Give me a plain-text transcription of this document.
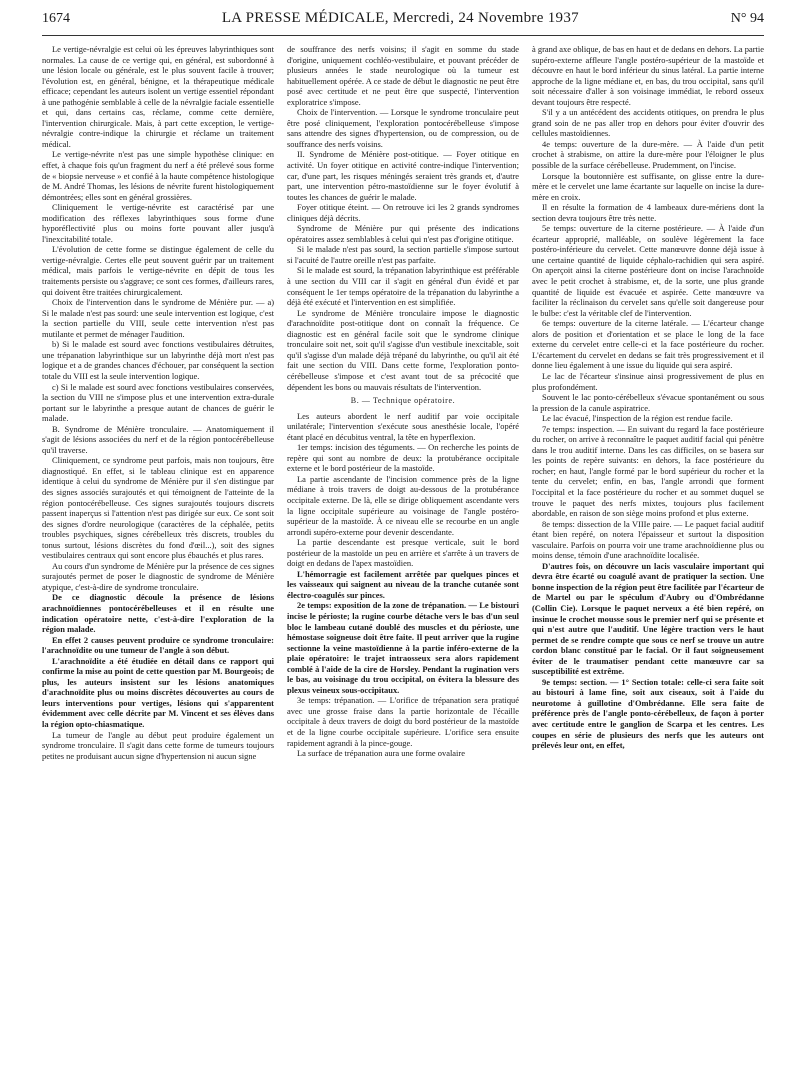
1674	LA PRESSE MÉDICALE, Mercredi, 24 Novembre 1937	N° 94

Le vertige-névralgie est celui où les épreuves labyrinthiques sont normales. La cause de ce vertige qui, en général, est subordonné à une lésion locale ou générale, est le plus souvent facile à trouver; l'évolution est, en général, bénigne, et la thérapeutique médicale efficace; cependant les auteurs isolent un vertige essentiel répondant à une pathogénie semblable à celle de la névralgie faciale essentielle et qui, dans certains cas, réclame, comme cette dernière, l'intervention chirurgicale. Mais, à part cette exception, le vertige-névralgie contre-indique la chirurgie et réclame un traitement médical.

Le vertige-névrite n'est pas une simple hypothèse clinique: en effet, à chaque fois qu'un fragment du nerf a été prélevé sous forme de « biopsie nerveuse » et confié à la haute compétence histologique de M. André Thomas, les lésions de névrite furent histologiquement démontrées; elles sont en général grossières.

Cliniquement le vertige-névrite est caractérisé par une modification des réflexes labyrinthiques sous forme d'une hyporéflectivité plus ou moins forte pouvant aller jusqu'à l'inexcitabilité totale.

L'évolution de cette forme se distingue également de celle du vertige-névralgie. Certes elle peut souvent guérir par un traitement médical, mais parfois le vertige-névrite en dépit de tous les traitements persiste ou s'aggrave; ce sont ces formes, d'ailleurs rares, qui doivent être traitées chirurgicalement.

Choix de l'intervention dans le syndrome de Ménière pur. — a) Si le malade n'est pas sourd: une seule intervention est logique, c'est la section partielle du VIII, seule cette intervention n'est pas mutilante et permet de ménager l'audition.

b) Si le malade est sourd avec fonctions vestibulaires détruites, une trépanation labyrinthique sur un labyrinthe déjà mort n'est pas logique et a de grandes chances d'échouer, par conséquent la section totale du VIII est la seule intervention logique.

c) Si le malade est sourd avec fonctions vestibulaires conservées, la section du VIII ne s'impose plus et une intervention extra-durale portant sur le labyrinthe a presque autant de chances de guérir le malade.

B. Syndrome de Ménière tronculaire. — Anatomiquement il s'agit de lésions associées du nerf et de la région pontocérébelleuse qu'il traverse.

Cliniquement, ce syndrome peut parfois, mais non toujours, être diagnostiqué. En effet, si le tableau clinique est en apparence identique à celui du syndrome de Ménière pur il s'en distingue par des signes associés surajoutés et qui témoignent de l'atteinte de la région pontocérébelleuse. Ces signes surajoutés toujours discrets passent inaperçus si l'attention n'est pas dirigée sur eux. Ce sont soit des signes d'ordre neurologique (caractères de la céphalée, petits troubles psychiques, signes cérébelleux très discrets, troubles du tonus surtout, lésions discrètes du fond d'œil...), soit des signes vestibulaires centraux qui sont encore plus ébauchés et plus rares.

Au cours d'un syndrome de Ménière pur la présence de ces signes surajoutés permet de poser le diagnostic de syndrome de Ménière atypique, c'est-à-dire de syndrome tronculaire.

De ce diagnostic découle la présence de lésions arachnoïdiennes pontocérébelleuses et il en résulte une indication opératoire nette, c'est-à-dire l'exploration de la région malade.

En effet 2 causes peuvent produire ce syndrome tronculaire: l'arachnoïdite ou une tumeur de l'angle à son début.

L'arachnoïdite a été étudiée en détail dans ce rapport qui confirme la mise au point de cette question par M. Bourgeois; de plus, les auteurs insistent sur les lésions anatomiques d'arachnoïdite plus ou moins discrètes découvertes au cours de leurs interventions pour vertiges, lésions qui s'apparentent évidemment avec celle décrite par M. Vincent et ses élèves dans la région opto-chiasmatique.

La tumeur de l'angle au début peut produire également un syndrome tronculaire. Il s'agit dans cette forme de tumeurs toujours petites ne produisant aucun signe d'hypertension ni aucun signe

de souffrance des nerfs voisins; il s'agit en somme du stade d'origine, uniquement cochléo-vestibulaire, et pouvant précéder de plusieurs années le stade neurologique où la tumeur est habituellement opérée. A ce stade de début le diagnostic ne peut être posé avec certitude et ne peut être que suspecté, l'intervention exploratrice s'impose.

Choix de l'intervention. — Lorsque le syndrome tronculaire peut être posé cliniquement, l'exploration pontocérébelleuse s'impose sans attendre des signes d'hypertension, ou de compression, ou de souffrance des nerfs voisins.

II. Syndrome de Ménière post-otitique. — Foyer otitique en activité. Un foyer otitique en activité contre-indique l'intervention; car, d'une part, les risques méningés seraient très grands et, d'autre part, une intervention pétro-mastoïdienne sur le foyer évolutif à toutes les chances de guérir le malade.

Foyer otitique éteint. — On retrouve ici les 2 grands syndromes cliniques déjà décrits.

Syndrome de Ménière pur qui présente des indications opératoires assez semblables à celui qui n'est pas d'origine otitique.

Si le malade n'est pas sourd, la section partielle s'impose surtout si l'acuité de l'autre oreille n'est pas parfaite.

Si le malade est sourd, la trépanation labyrinthique est préférable à une section du VIII car il s'agit en général d'un évidé et par conséquent le 1er temps opératoire de la trépanation du labyrinthe a déjà été exécuté et l'intervention en est simplifiée.

Le syndrome de Ménière tronculaire impose le diagnostic d'arachnoïdite post-otitique dont on connaît la fréquence. Ce diagnostic est en général facile soit que le syndrome clinique tronculaire soit net, soit qu'il s'agisse d'un vestibule inexcitable, soit qu'il s'agisse d'un malade déjà trépané du labyrinthe, ou qu'il ait été fait une section du VIII. Dans cette forme, l'exploration ponto-cérébelleuse s'impose et c'est avant tout de sa précocité que dépendent les bons ou mauvais résultats de l'intervention.

B. — Technique opératoire.

Les auteurs abordent le nerf auditif par voie occipitale unilatérale; l'intervention s'exécute sous anesthésie locale, l'opéré étant placé en décubitus ventral, la tête en hyperflexion.

1er temps: incision des téguments. — On recherche les points de repère qui sont au nombre de deux: la protubérance occipitale externe et le bord postérieur de la mastoïde.

La partie ascendante de l'incision commence près de la ligne médiane à trois travers de doigt au-dessous de la protubérance occipitale externe. De là, elle se dirige obliquement ascendante vers la ligne occipitale supérieure au voisinage de l'angle postéro-supérieur de la mastoïde. À ce niveau elle se recourbe en un angle arrondi supéro-externe pour devenir descendante.

La partie descendante est presque verticale, suit le bord postérieur de la mastoïde un peu en arrière et s'arrête à un travers de doigt en dedans de l'apex mastoïdien.

L'hémorragie est facilement arrêtée par quelques pinces et les vaisseaux qui saignent au niveau de la tranche cutanée sont électro-coagulés sur pinces.

2e temps: exposition de la zone de trépanation. — Le bistouri incise le périoste; la rugine courbe détache vers le bas d'un seul bloc le lambeau cutané doublé des muscles et du périoste, une hémostase soigneuse doit être faite. Il peut arriver que la rugine sectionne la veine mastoïdienne à la partie inféro-externe de la plaie opératoire: le trajet intraosseux sera alors rapidement comblé à l'aide de la cire de Horsley. Pendant la rugination vers le bas, au voisinage du trou occipital, on évitera la blessure des plexus veineux sous-occipitaux.

3e temps: trépanation. — L'orifice de trépanation sera pratiqué avec une grosse fraise dans la partie horizontale de l'écaille occipitale à deux travers de doigt du bord postérieur de la mastoïde et de la ligne courbe occipitale supérieure. L'orifice sera ensuite rapidement agrandi à la pince-gouge.

La surface de trépanation aura une forme ovalaire

à grand axe oblique, de bas en haut et de dedans en dehors. La partie supéro-externe affleure l'angle postéro-supérieur de la mastoïde et découvre en haut le bord inférieur du sinus latéral. La partie interne approche de la ligne médiane et, en bas, du trou occipital, sans qu'il soit nécessaire d'aller à son voisinage immédiat, le rebord osseux devant toujours être respecté.

S'il y a un antécédent des accidents otitiques, on prendra le plus grand soin de ne pas aller trop en dehors pour éviter d'ouvrir des cellules mastoïdiennes.

4e temps: ouverture de la dure-mère. — À l'aide d'un petit crochet à strabisme, on attire la dure-mère pour l'éloigner le plus possible de la surface cérébelleuse. Prudemment, on l'incise.

Lorsque la boutonnière est suffisante, on glisse entre la dure-mère et le cervelet une lame écartante sur laquelle on incise la dure-mère en croix.

Il en résulte la formation de 4 lambeaux dure-mériens dont la section devra toujours être très nette.

5e temps: ouverture de la citerne postérieure. — À l'aide d'un écarteur approprié, malléable, on soulève légèrement la face postéro-inférieure du cervelet. Cette manœuvre donne déjà issue à une certaine quantité de liquide céphalo-rachidien qui sera aspiré. On aperçoit ainsi la citerne postérieure dont on incise l'arachnoïde avec le petit crochet à strabisme, et, de la sorte, une plus grande quantité de liquide est évacuée et aspirée. Cette manœuvre va faciliter la réclinaison du cervelet sans qu'elle soit dangereuse pour le bulbe: c'est la véritable clef de l'intervention.

6e temps: ouverture de la citerne latérale. — L'écarteur change alors de position et d'orientation et se place le long de la face externe du cervelet entre celle-ci et la face postérieure du rocher. L'écartement du cervelet en dedans se fait très progressivement et il donne lieu également à une issue du liquide qui sera aspiré.

Le lac de l'écarteur s'insinue ainsi progressivement de plus en plus profondément.

Souvent le lac ponto-cérébelleux s'évacue spontanément ou sous la pression de la canule aspiratrice.

Le lac évacué, l'inspection de la région est rendue facile.

7e temps: inspection. — En suivant du regard la face postérieure du rocher, on arrive à reconnaître le paquet auditif facial qui pénètre dans le trou auditif interne. Dans les cas difficiles, on se basera sur les points de repère suivants: en dehors, la face postérieure du rocher; en haut, l'angle formé par le bord supérieur du rocher et la tente du cervelet; enfin, en bas, l'angle arrondi que forment l'occipital et la face postérieure du rocher et au sommet duquel se trouve le paquet des nerfs mixtes, toujours plus facilement abordable, en raison de son siège moins profond et plus externe.

8e temps: dissection de la VIIIe paire. — Le paquet facial auditif étant bien repéré, on notera l'épaisseur et surtout la disposition vasculaire. Parfois on pourra voir une trame arachnoïdienne plus ou moins dense, témoin d'une arachnoïdite localisée.

D'autres fois, on découvre un lacis vasculaire important qui devra être écarté ou coagulé avant de pratiquer la section. Une bonne inspection de la région peut être facilitée par l'écarteur de de Martel ou par le spéculum d'Aubry ou d'Ombrédanne (Collin Cie). Lorsque le paquet nerveux a été bien repéré, on insinue le crochet mousse sous le premier nerf qui se présente et qui n'est autre que l'auditif. Une légère traction vers le haut permet de se rendre compte que sous ce nerf se trouve un autre cordon blanc constitué par le facial. Or il faut soigneusement éviter de le traumatiser pendant cette manœuvre car sa susceptibilité est extrême.

9e temps: section. — 1° Section totale: celle-ci sera faite soit au bistouri à lame fine, soit aux ciseaux, soit à l'aide du neurotome à guillotine d'Ombrédanne. Elle sera faite de préférence près de l'angle ponto-cérébelleux, de façon à porter avec certitude entre le ganglion de Scarpa et les centres. Les coupes en série de plusieurs des nerfs que les auteurs ont prélevés leur ont, en effet,
